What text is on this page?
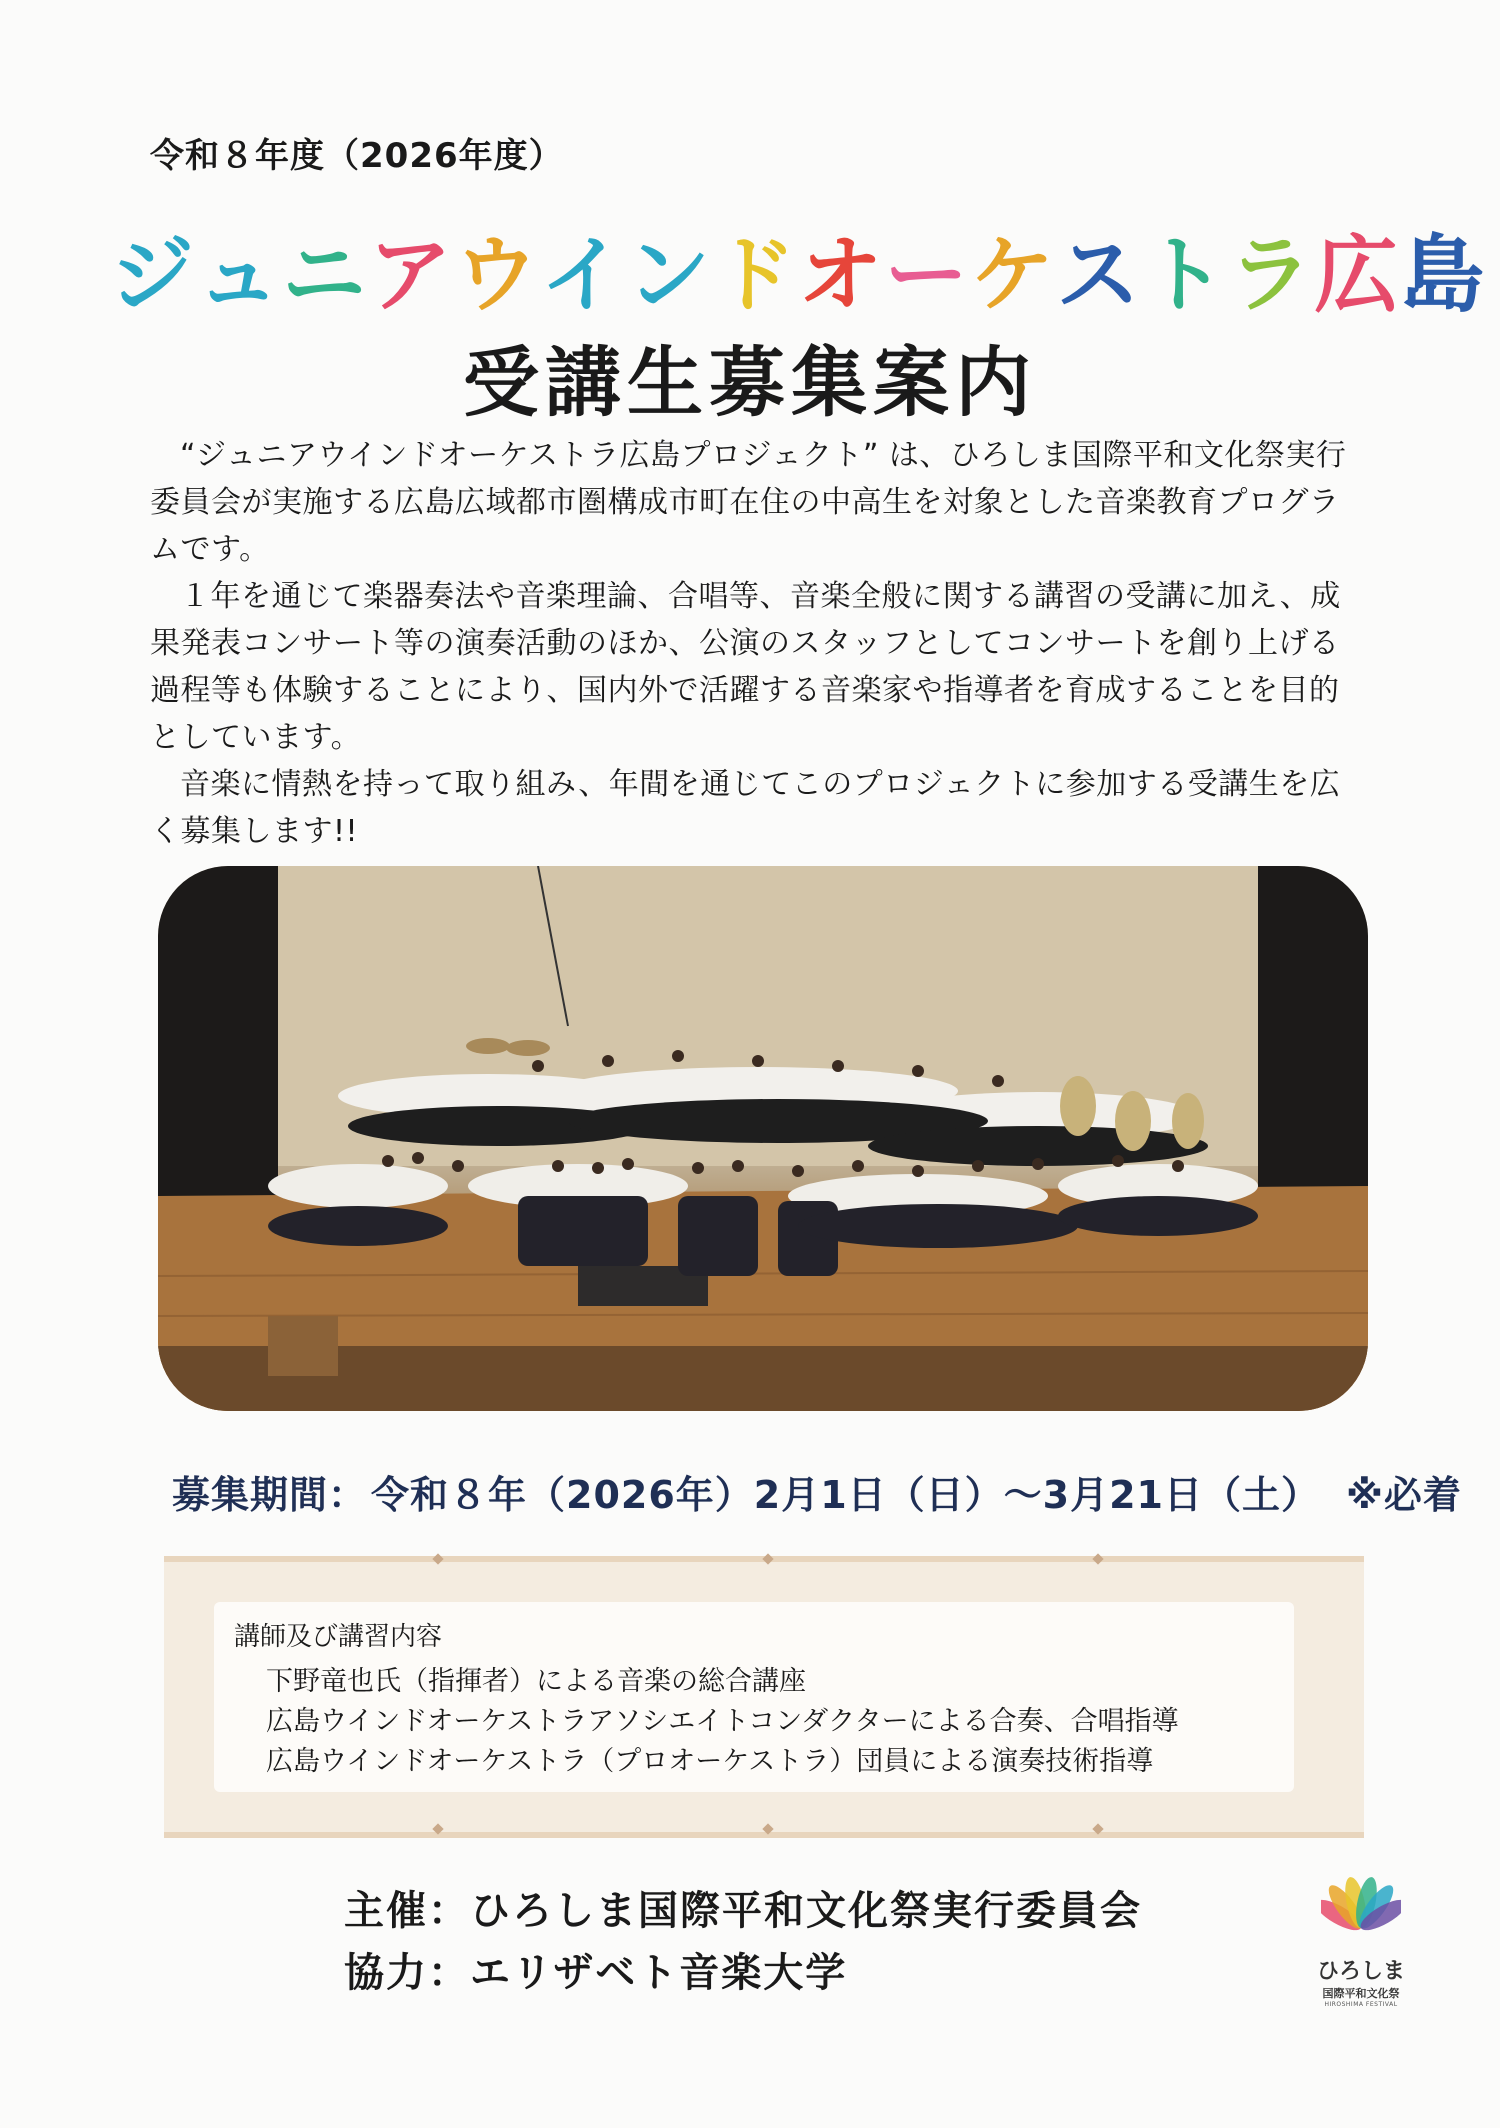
令和８年度（2026年度）
ジュニアウインドオーケストラ広島
受講生募集案内

“ジュニアウインドオーケストラ広島プロジェクト” は、ひろしま国際平和文化祭実行委員会が実施する広島広域都市圏構成市町在住の中高生を対象とした音楽教育プログラムです。

１年を通じて楽器奏法や音楽理論、合唱等、音楽全般に関する講習の受講に加え、成果発表コンサート等の演奏活動のほか、公演のスタッフとしてコンサートを創り上げる過程等も体験することにより、国内外で活躍する音楽家や指導者を育成することを目的としています。

音楽に情熱を持って取り組み、年間を通じてこのプロジェクトに参加する受講生を広く募集します!!

募集期間： 令和８年（2026年）2月1日（日）～3月21日（土） ※必着
講師及び講習内容
下野竜也氏（指揮者）による音楽の総合講座
広島ウインドオーケストラアソシエイトコンダクターによる合奏、合唱指導
広島ウインドオーケストラ（プロオーケストラ）団員による演奏技術指導
主催：ひろしま国際平和文化祭実行委員会
協力：エリザベト音楽大学	ひろしま
国際平和文化祭
HIROSHIMA FESTIVAL
